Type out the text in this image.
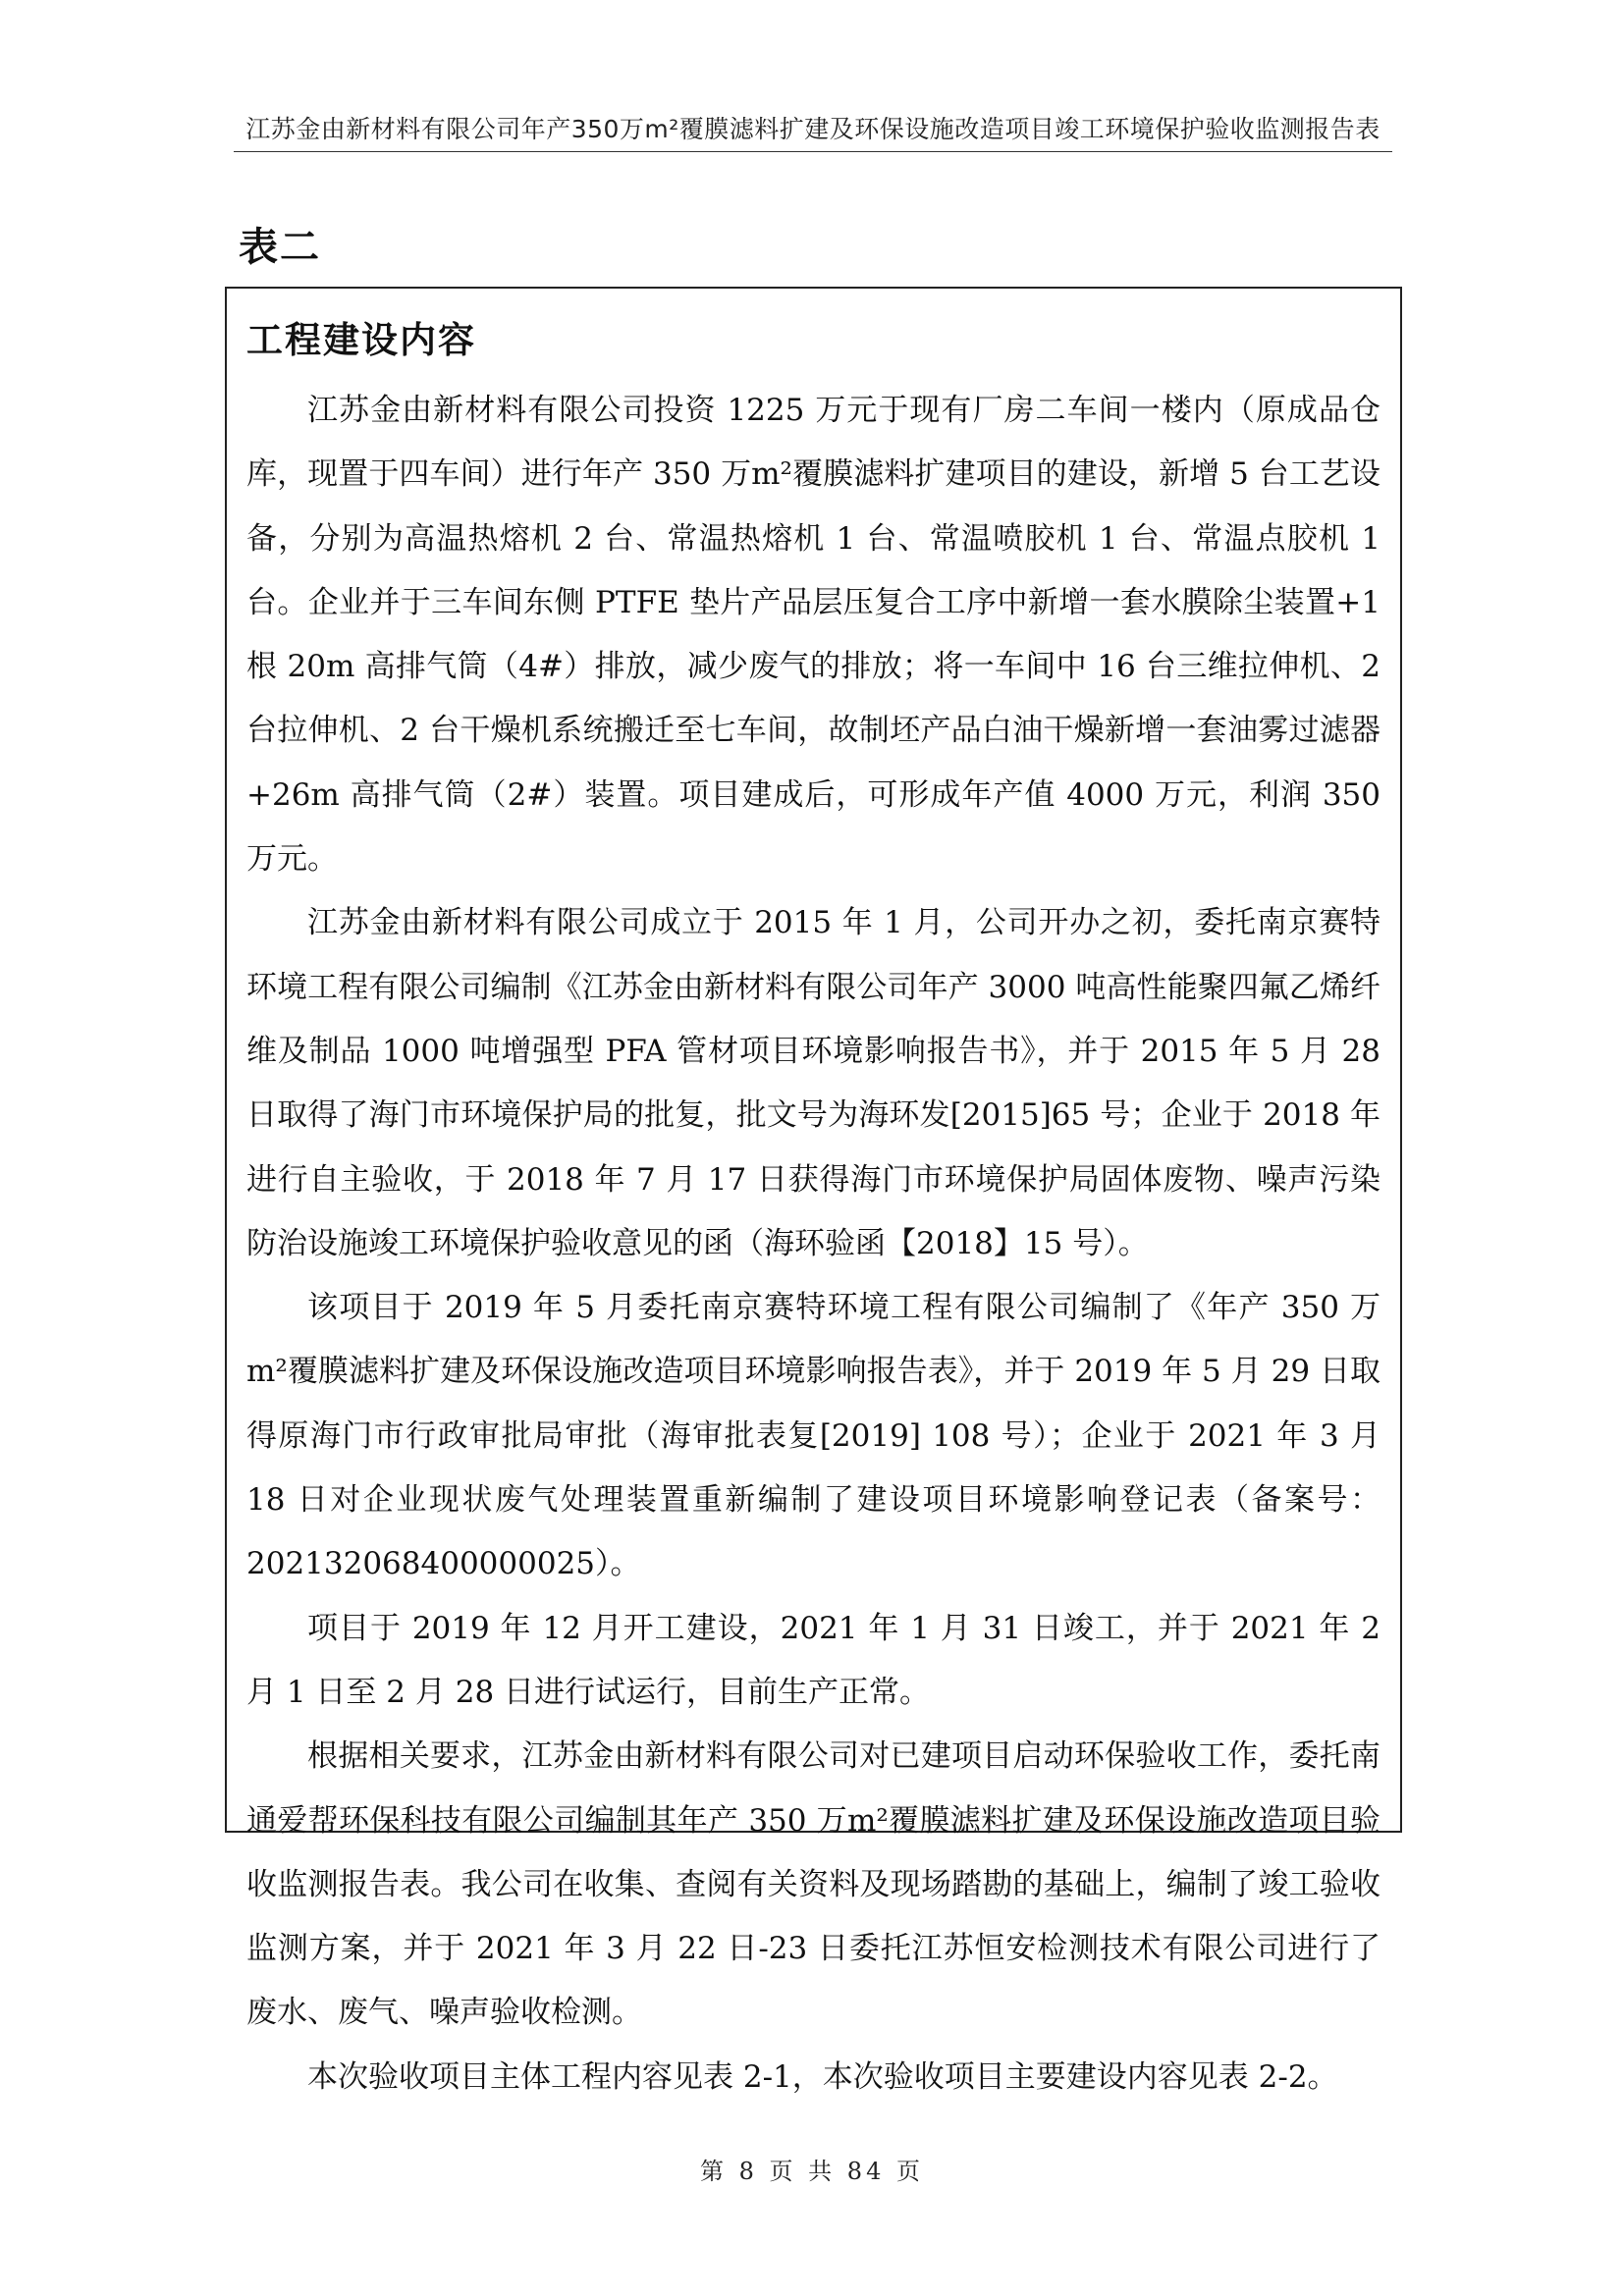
江苏金由新材料有限公司年产350万m²覆膜滤料扩建及环保设施改造项目竣工环境保护验收监测报告表
表二
工程建设内容

江苏金由新材料有限公司投资 1225 万元于现有厂房二车间一楼内（原成品仓库，现置于四车间）进行年产 350 万m²覆膜滤料扩建项目的建设，新增 5 台工艺设备，分别为高温热熔机 2 台、常温热熔机 1 台、常温喷胶机 1 台、常温点胶机 1 台。企业并于三车间东侧 PTFE 垫片产品层压复合工序中新增一套水膜除尘装置+1 根 20m 高排气筒（4#）排放，减少废气的排放；将一车间中 16 台三维拉伸机、2 台拉伸机、2 台干燥机系统搬迁至七车间，故制坯产品白油干燥新增一套油雾过滤器+26m 高排气筒（2#）装置。项目建成后，可形成年产值 4000 万元，利润 350 万元。

江苏金由新材料有限公司成立于 2015 年 1 月，公司开办之初，委托南京赛特环境工程有限公司编制《江苏金由新材料有限公司年产 3000 吨高性能聚四氟乙烯纤维及制品 1000 吨增强型 PFA 管材项目环境影响报告书》，并于 2015 年 5 月 28 日取得了海门市环境保护局的批复，批文号为海环发[2015]65 号；企业于 2018 年进行自主验收，于 2018 年 7 月 17 日获得海门市环境保护局固体废物、噪声污染防治设施竣工环境保护验收意见的函（海环验函【2018】15 号）。

该项目于 2019 年 5 月委托南京赛特环境工程有限公司编制了《年产 350 万m²覆膜滤料扩建及环保设施改造项目环境影响报告表》，并于 2019 年 5 月 29 日取得原海门市行政审批局审批（海审批表复[2019] 108 号）；企业于 2021 年 3 月 18 日对企业现状废气处理装置重新编制了建设项目环境影响登记表（备案号：202132068400000025）。

项目于 2019 年 12 月开工建设，2021 年 1 月 31 日竣工，并于 2021 年 2 月 1 日至 2 月 28 日进行试运行，目前生产正常。

根据相关要求，江苏金由新材料有限公司对已建项目启动环保验收工作，委托南通爱帮环保科技有限公司编制其年产 350 万m²覆膜滤料扩建及环保设施改造项目验收监测报告表。我公司在收集、查阅有关资料及现场踏勘的基础上，编制了竣工验收监测方案，并于 2021 年 3 月 22 日-23 日委托江苏恒安检测技术有限公司进行了废水、废气、噪声验收检测。

本次验收项目主体工程内容见表 2-1，本次验收项目主要建设内容见表 2-2。

第 8 页 共 84 页
